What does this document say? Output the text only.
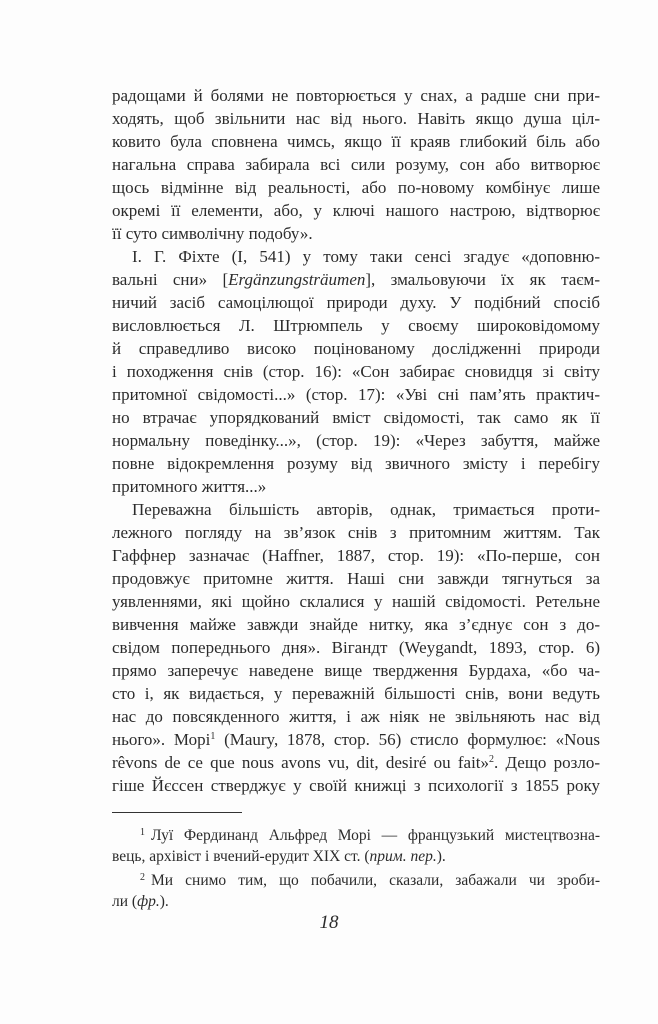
радощами й болями не повторюється у снах, а радше сни при-
ходять, щоб звільнити нас від нього. Навіть якщо душа ціл-
ковито була сповнена чимсь, якщо її краяв глибокий біль або
нагальна справа забирала всі сили розуму, сон або витворює
щось відмінне від реальності, або по-новому комбінує лише
окремі її елементи, або, у ключі нашого настрою, відтворює
її суто символічну подобу».
І. Г. Фіхте (I, 541) у тому таки сенсі згадує «доповню-
вальні сни» [Ergänzungsträumen], змальовуючи їх як таєм-
ничий засіб самоцілющої природи духу. У подібний спосіб
висловлюється Л. Штрюмпель у своєму широковідомому
й справедливо високо поцінованому дослідженні природи
і походження снів (стор. 16): «Сон забирає сновидця зі світу
притомної свідомості...» (стор. 17): «Уві сні пам’ять практич-
но втрачає упорядкований вміст свідомості, так само як її
нормальну поведінку...», (стор. 19): «Через забуття, майже
повне відокремлення розуму від звичного змісту і перебігу
притомного життя...»
Переважна більшість авторів, однак, тримається проти-
лежного погляду на зв’язок снів з притомним життям. Так
Гаффнер зазначає (Haffner, 1887, стор. 19): «По-перше, сон
продовжує притомне життя. Наші сни завжди тягнуться за
уявленнями, які щойно склалися у нашій свідомості. Ретельне
вивчення майже завжди знайде нитку, яка з’єднує сон з до-
свідом попереднього дня». Вігандт (Weygandt, 1893, стор. 6)
прямо заперечує наведене вище твердження Бурдаха, «бо ча-
сто і, як видається, у переважній більшості снів, вони ведуть
нас до повсякденного життя, і аж ніяк не звільняють нас від
нього». Морі$^1$ (Maury, 1878, стор. 56) стисло формулює: «Nous
rêvons de ce que nous avons vu, dit, desiré ou fait»$^2$. Дещо розло-
гіше Йєссен стверджує у своїй книжці з психології з 1855 року
$^1$ Луї Фердинанд Альфред Морі — французький мистецтвозна-
вець, архівіст і вчений-ерудит XIX ст. (прим. пер.).
$^2$ Ми снимо тим, що побачили, сказали, забажали чи зроби-
ли (фр.).
18
